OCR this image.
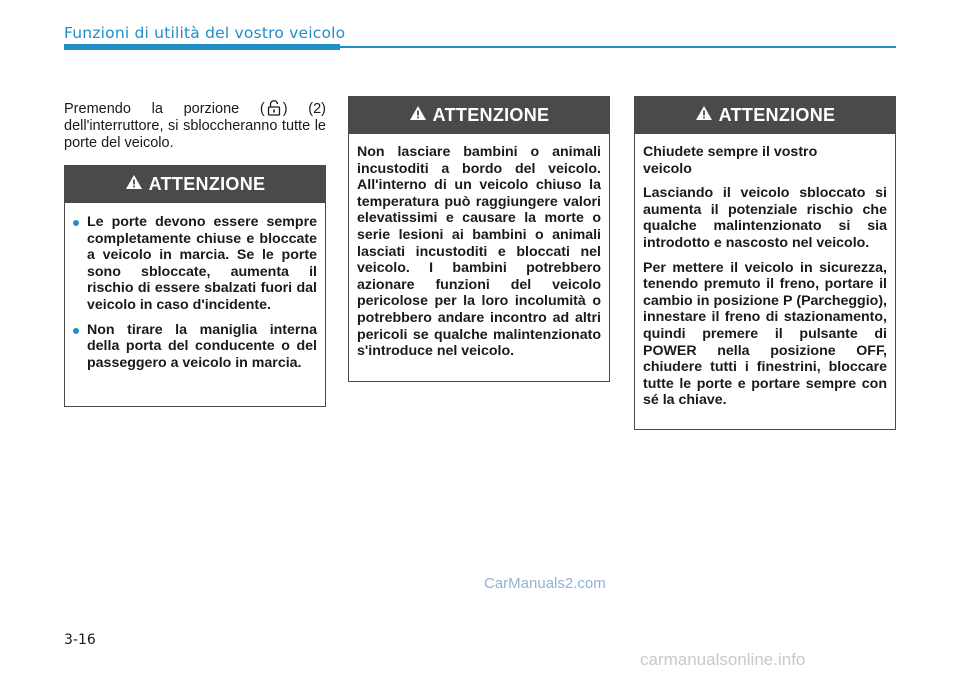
Funzioni di utilità del vostro veicolo
Premendo la porzione ( ) (2) dell'interruttore, si sbloccheranno tutte le porte del veicolo.
ATTENZIONE
Le porte devono essere sempre completamente chiuse e bloccate a veicolo in marcia. Se le porte sono sbloccate, aumenta il rischio di essere sbalzati fuori dal veicolo in caso d'incidente.
Non tirare la maniglia interna della porta del conducente o del passeggero a veicolo in marcia.
ATTENZIONE
Non lasciare bambini o animali incustoditi a bordo del veicolo. All'interno di un veicolo chiuso la temperatura può raggiungere valori elevatissimi e causare la morte o serie lesioni ai bambini o animali lasciati incustoditi e bloccati nel veicolo. I bambini potrebbero azionare funzioni del veicolo pericolose per la loro incolumità o potrebbero andare incontro ad altri pericoli se qualche malintenzionato s'introduce nel veicolo.
ATTENZIONE

Chiudete sempre il vostro veicolo

Lasciando il veicolo sbloccato si aumenta il potenziale rischio che qualche malintenzionato si sia introdotto e nascosto nel veicolo.

Per mettere il veicolo in sicurezza, tenendo premuto il freno, portare il cambio in posizione P (Parcheggio), innestare il freno di stazionamento, quindi premere il pulsante di POWER nella posizione OFF, chiudere tutti i finestrini, bloccare tutte le porte e portare sempre con sé la chiave.

CarManuals2.com
3-16
carmanualsonline.info
